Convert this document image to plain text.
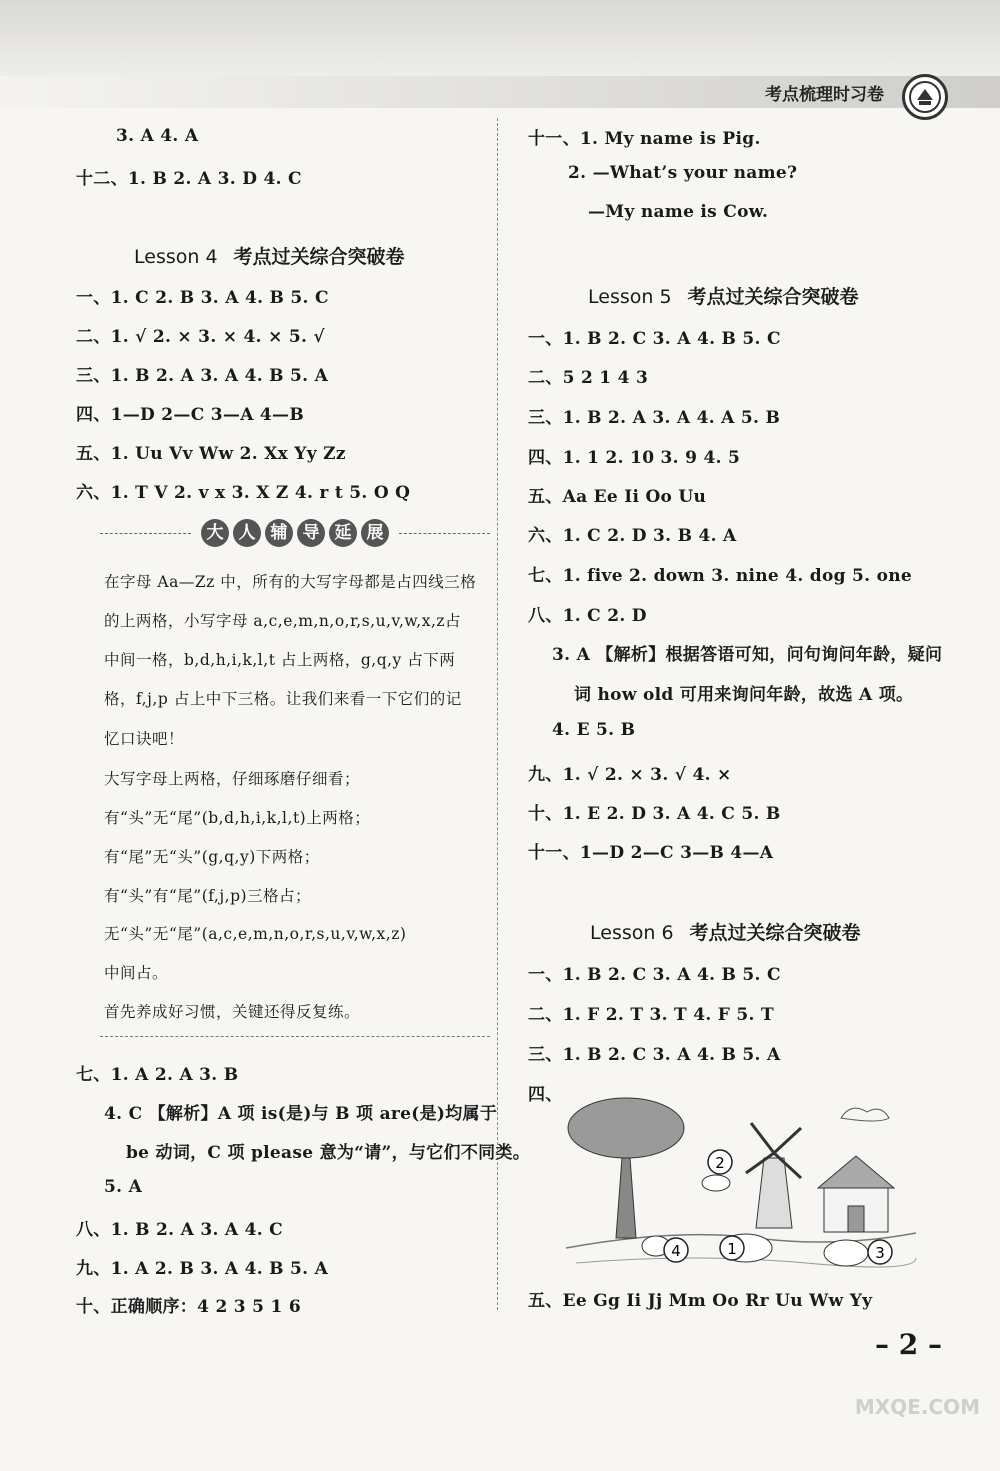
考点梳理时习卷
3. A 4. A
十二、1. B 2. A 3. D 4. C
Lesson 4 考点过关综合突破卷
一、1. C 2. B 3. A 4. B 5. C
二、1. √ 2. × 3. × 4. × 5. √
三、1. B 2. A 3. A 4. B 5. A
四、1—D 2—C 3—A 4—B
五、1. Uu Vv Ww 2. Xx Yy Zz
六、1. T V 2. v x 3. X Z 4. r t 5. O Q
大 人 辅 导 延 展
在字母 Aa—Zz 中，所有的大写字母都是占四线三格
的上两格，小写字母 a,c,e,m,n,o,r,s,u,v,w,x,z占
中间一格，b,d,h,i,k,l,t 占上两格，g,q,y 占下两
格，f,j,p 占上中下三格。让我们来看一下它们的记
忆口诀吧！
大写字母上两格，仔细琢磨仔细看；
有“头”无“尾”(b,d,h,i,k,l,t)上两格；
有“尾”无“头”(g,q,y)下两格；
有“头”有“尾”(f,j,p)三格占；
无“头”无“尾”(a,c,e,m,n,o,r,s,u,v,w,x,z)
中间占。
首先养成好习惯，关键还得反复练。
七、1. A 2. A 3. B
4. C 【解析】A 项 is(是)与 B 项 are(是)均属于
be 动词，C 项 please 意为“请”，与它们不同类。
5. A
八、1. B 2. A 3. A 4. C
九、1. A 2. B 3. A 4. B 5. A
十、正确顺序：4 2 3 5 1 6
十一、1. My name is Pig.
2. —What’s your name?
—My name is Cow.
Lesson 5 考点过关综合突破卷
一、1. B 2. C 3. A 4. B 5. C
二、5 2 1 4 3
三、1. B 2. A 3. A 4. A 5. B
四、1. 1 2. 10 3. 9 4. 5
五、Aa Ee Ii Oo Uu
六、1. C 2. D 3. B 4. A
七、1. five 2. down 3. nine 4. dog 5. one
八、1. C 2. D
3. A 【解析】根据答语可知，问句询问年龄，疑问
词 how old 可用来询问年龄，故选 A 项。
4. E 5. B
九、1. √ 2. × 3. √ 4. ×
十、1. E 2. D 3. A 4. C 5. B
十一、1—D 2—C 3—B 4—A
Lesson 6 考点过关综合突破卷
一、1. B 2. C 3. A 4. B 5. C
二、1. F 2. T 3. T 4. F 5. T
三、1. B 2. C 3. A 4. B 5. A
四、
1
2
3
4
五、Ee Gg Ii Jj Mm Oo Rr Uu Ww Yy
– 2 –
MXQE.COM
